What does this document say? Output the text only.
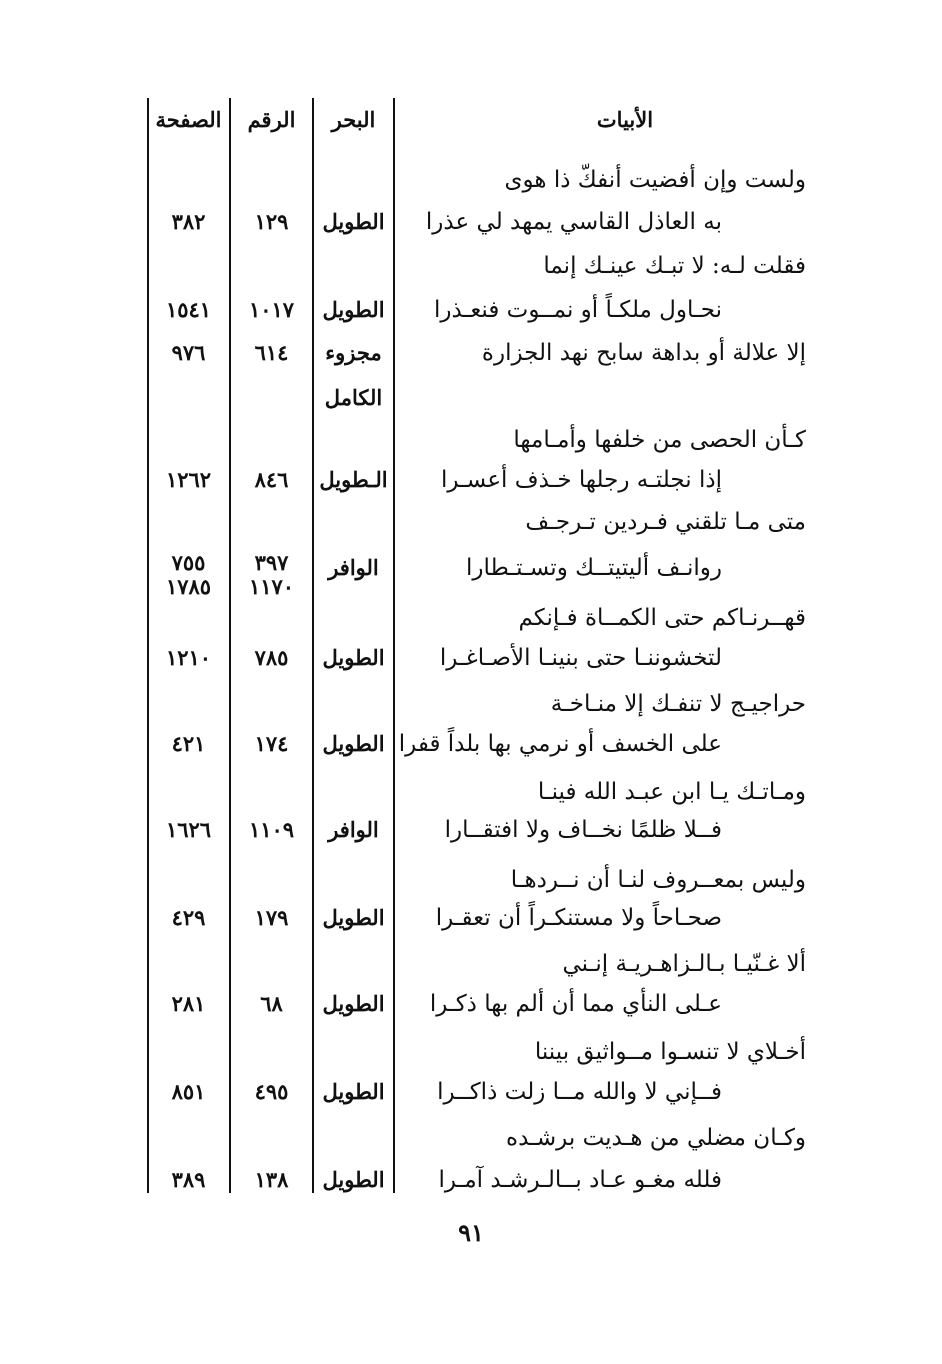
الأبيات
البحر
الرقم
الصفحة
ولست وإن أفضيت أنفكّ ذا هوى
به العاذل القاسي يمهد لي عذرا
الطويل
١٢٩
٣٨٢
فقلت لـه: لا تبـك عينـك إنما
نحـاول ملكـاً أو نمــوت فنعـذرا
الطويل
١٠١٧
١٥٤١
إلا علالة أو بداهة سابح نهد الجزارة
مجزوء
الكامل
٦١٤
٩٧٦
كـأن الحصى من خلفها وأمـامها
إذا نجلتـه رجلها خـذف أعسـرا
الـطويل
٨٤٦
١٢٦٢
متى مـا تلقني فـردين تـرجـف
روانـف أليتيتــك وتسـتـطارا
الوافر
٣٩٧
١١٧٠
٧٥٥
١٧٨٥
قهــرنـاكم حتى الكمــاة فـإنكم
لتخشوننـا حتى بنينـا الأصـاغـرا
الطويل
٧٨٥
١٢١٠
حراجيـج لا تنفـك إلا منـاخـة
على الخسف أو نرمي بها بلداً قفرا
الطويل
١٧٤
٤٢١
ومـاتـك يـا ابن عبـد الله فينـا
فــلا ظلمًا نخــاف ولا افتقــارا
الوافر
١١٠٩
١٦٢٦
وليس بمعــروف لنـا أن نــردهـا
صحـاحاً ولا مستنكـراً أن تعقـرا
الطويل
١٧٩
٤٢٩
ألا غـنّيـا بـالـزاهـريـة إنـني
عـلى النأي مما أن ألم بها ذكـرا
الطويل
٦٨
٢٨١
أخـلاي لا تنسـوا مــواثيق بيننا
فــإني لا والله مــا زلت ذاكــرا
الطويل
٤٩٥
٨٥١
وكـان مضلي من هـديت برشـده
فلله مغـو عـاد بــالـرشـد آمـرا
الطويل
١٣٨
٣٨٩
٩١
